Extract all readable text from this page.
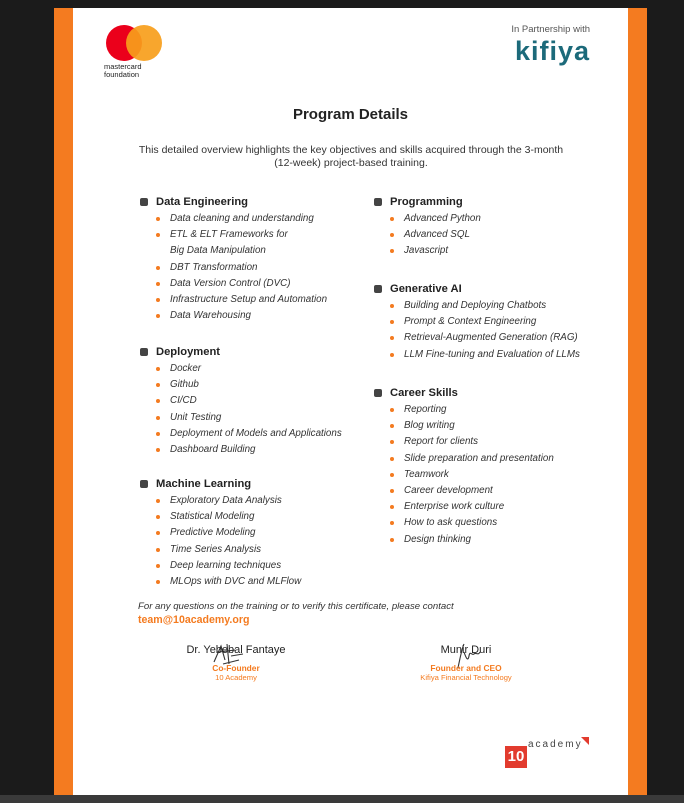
mastercard
foundation
In Partnership with
kifiya
Program Details
This detailed overview highlights the key objectives and skills acquired through the 3-month (12-week) project-based training.
Data Engineering
Data cleaning and understanding
ETL & ELT Frameworks for
Big Data Manipulation
DBT Transformation
Data Version Control (DVC)
Infrastructure Setup and Automation
Data Warehousing
Deployment
Docker
Github
CI/CD
Unit Testing
Deployment of Models and Applications
Dashboard Building
Machine Learning
Exploratory Data Analysis
Statistical Modeling
Predictive Modeling
Time Series Analysis
Deep learning techniques
MLOps with DVC and MLFlow
Programming
Advanced Python
Advanced SQL
Javascript
Generative AI
Building and Deploying Chatbots
Prompt & Context Engineering
Retrieval-Augmented Generation (RAG)
LLM Fine-tuning and Evaluation of LLMs
Career Skills
Reporting
Blog writing
Report for clients
Slide preparation and presentation
Teamwork
Career development
Enterprise work culture
How to ask questions
Design thinking
For any questions on the training or to verify this certificate, please contact
team@10academy.org
Dr. Yebebal Fantaye
Co-Founder
10 Academy
Munir Duri
Founder and CEO
Kifiya Financial Technology
10
academy
